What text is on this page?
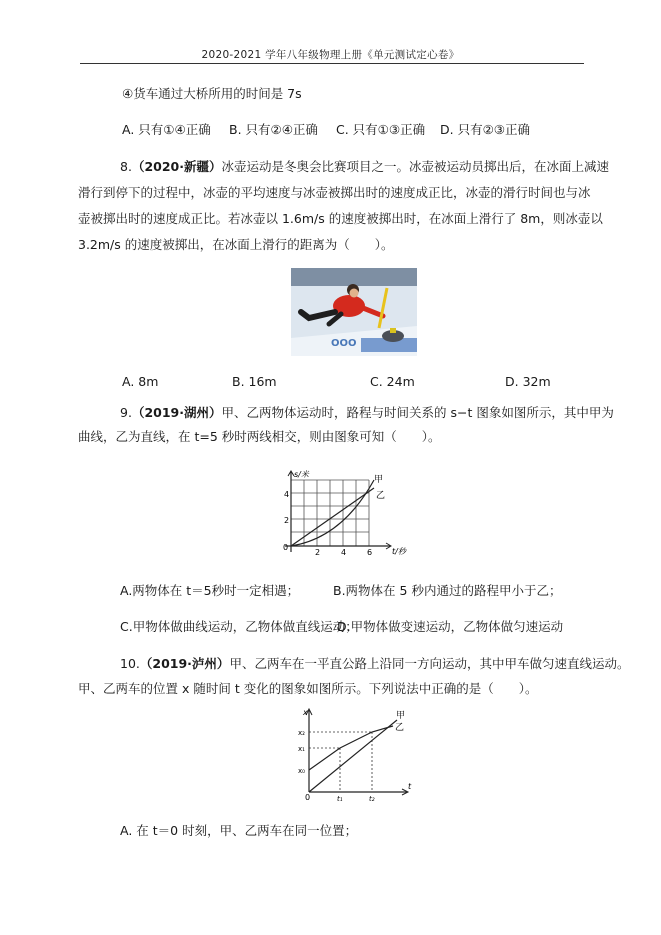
2020-2021 学年八年级物理上册《单元测试定心卷》
④货车通过大桥所用的时间是 7s
A. 只有①④正确 B. 只有②④正确 C. 只有①③正确 D. 只有②③正确
8.（2020·新疆）冰壶运动是冬奥会比赛项目之一。冰壶被运动员掷出后，在冰面上减速
滑行到停下的过程中，冰壶的平均速度与冰壶被掷出时的速度成正比，冰壶的滑行时间也与冰
壶被掷出时的速度成正比。若冰壶以 1.6m/s 的速度被掷出时，在冰面上滑行了 8m，则冰壶以
3.2m/s 的速度被掷出，在冰面上滑行的距离为（　　）。
OOO
A. 8m	B. 16m	C. 24m	D. 32m
9.（2019·湖州）甲、乙两物体运动时，路程与时间关系的 s−t 图象如图所示，其中甲为
曲线，乙为直线，在 t=5 秒时两线相交，则由图象可知（　　）。
s/米
t/秒
4
2
0
2	4	6
甲
乙
A.两物体在 t＝5秒时一定相遇；	B.两物体在 5 秒内通过的路程甲小于乙；
C.甲物体做曲线运动，乙物体做直线运动；
D.甲物体做变速运动，乙物体做匀速运动
10.（2019·泸州）甲、乙两车在一平直公路上沿同一方向运动，其中甲车做匀速直线运动。
甲、乙两车的位置 x 随时间 t 变化的图象如图所示。下列说法中正确的是（　　）。
x
t
x₂
x₁
x₀
0	t₁	t₂
甲
乙
A. 在 t＝0 时刻，甲、乙两车在同一位置；
